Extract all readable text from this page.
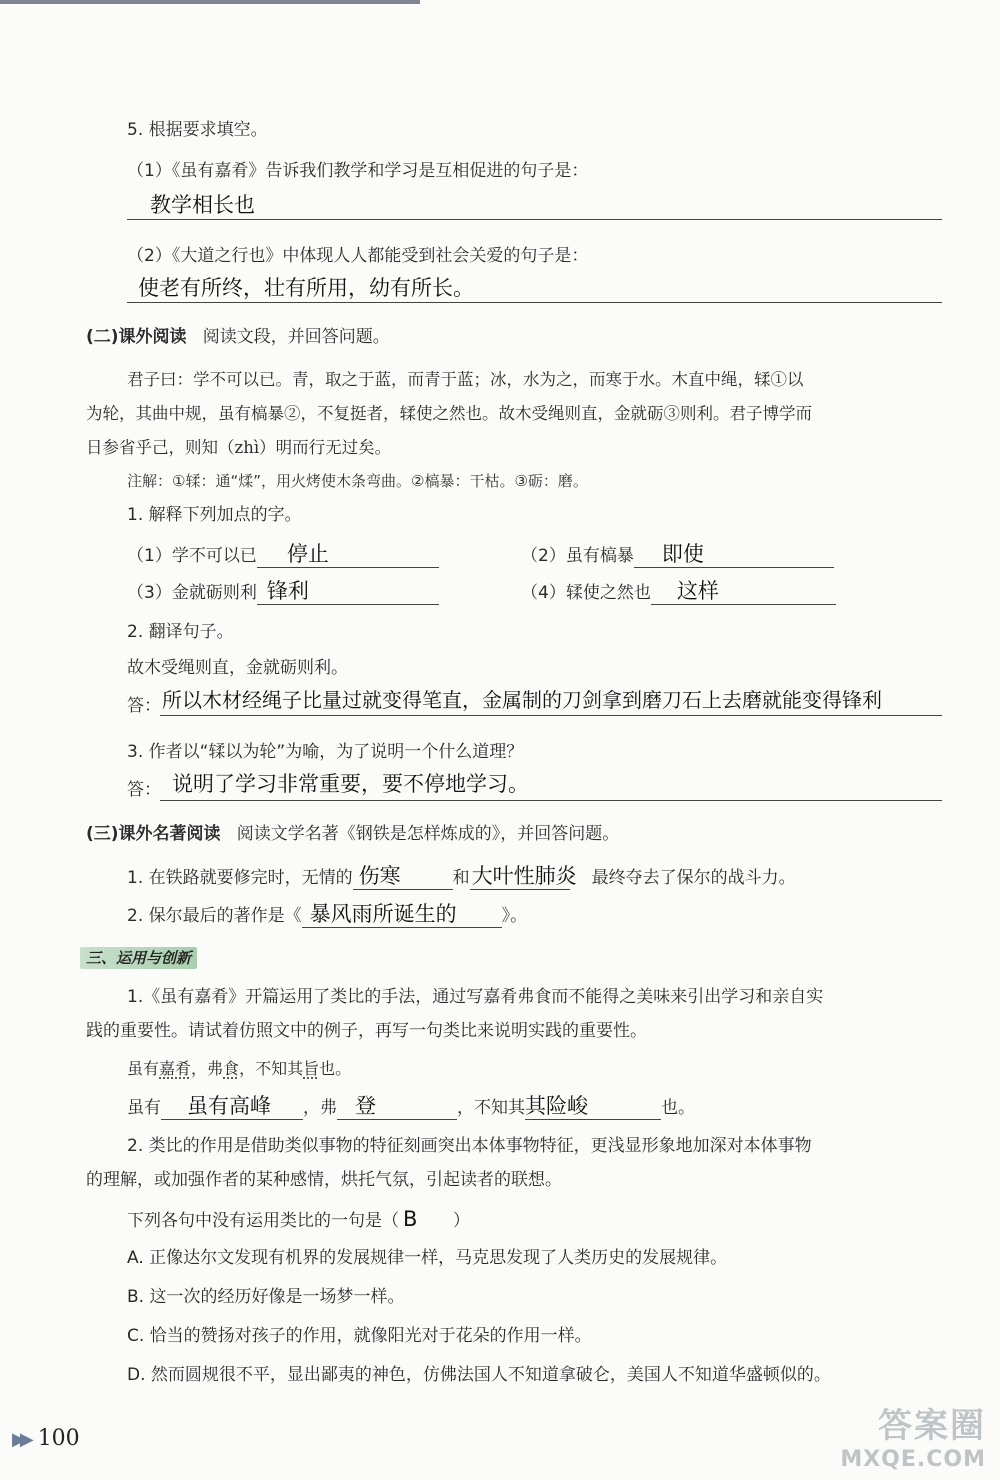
5. 根据要求填空。
（1）《虽有嘉肴》告诉我们教学和学习是互相促进的句子是：
教学相长也
（2）《大道之行也》中体现人人都能受到社会关爱的句子是：
使老有所终，壮有所用，幼有所长。
(二)课外阅读 阅读文段，并回答问题。
君子曰：学不可以已。青，取之于蓝，而青于蓝；冰，水为之，而寒于水。木直中绳，𫐓①以
为轮，其曲中规，虽有槁暴②，不复挺者，𫐓使之然也。故木受绳则直，金就砺③则利。君子博学而
日参省乎己，则知（zhì）明而行无过矣。
注解：①𫐓：通“煣”，用火烤使木条弯曲。②槁暴：干枯。③砺：磨。
1. 解释下列加点的字。
（1）学不可以已 停止	（2）虽有槁暴 即使
（3）金就砺则利 锋利	（4）𫐓使之然也 这样
2. 翻译句子。
故木受绳则直，金就砺则利。
答： 所以木材经绳子比量过就变得笔直，金属制的刀剑拿到磨刀石上去磨就能变得锋利
3. 作者以“𫐓以为轮”为喻，为了说明一个什么道理？
答： 说明了学习非常重要，要不停地学习。
(三)课外名著阅读 阅读文学名著《钢铁是怎样炼成的》，并回答问题。
1. 在铁路就要修完时，无情的 伤寒	和大叶性肺炎 最终夺去了保尔的战斗力。
2. 保尔最后的著作是《 暴风雨所诞生的	》。
三、运用与创新
1.《虽有嘉肴》开篇运用了类比的手法，通过写嘉肴弗食而不能得之美味来引出学习和亲自实
践的重要性。请试着仿照文中的例子，再写一句类比来说明实践的重要性。
虽有嘉肴，弗食，不知其旨也。
虽有 虽有高峰 ，弗 登	，不知其其险峻	也。
2. 类比的作用是借助类似事物的特征刻画突出本体事物特征，更浅显形象地加深对本体事物
的理解，或加强作者的某种感情，烘托气氛，引起读者的联想。
下列各句中没有运用类比的一句是（ B ）
A. 正像达尔文发现有机界的发展规律一样，马克思发现了人类历史的发展规律。
B. 这一次的经历好像是一场梦一样。
C. 恰当的赞扬对孩子的作用，就像阳光对于花朵的作用一样。
D. 然而圆规很不平，显出鄙夷的神色，仿佛法国人不知道拿破仑，美国人不知道华盛顿似的。
▶▶ 100	答案圈
MXQE.COM
